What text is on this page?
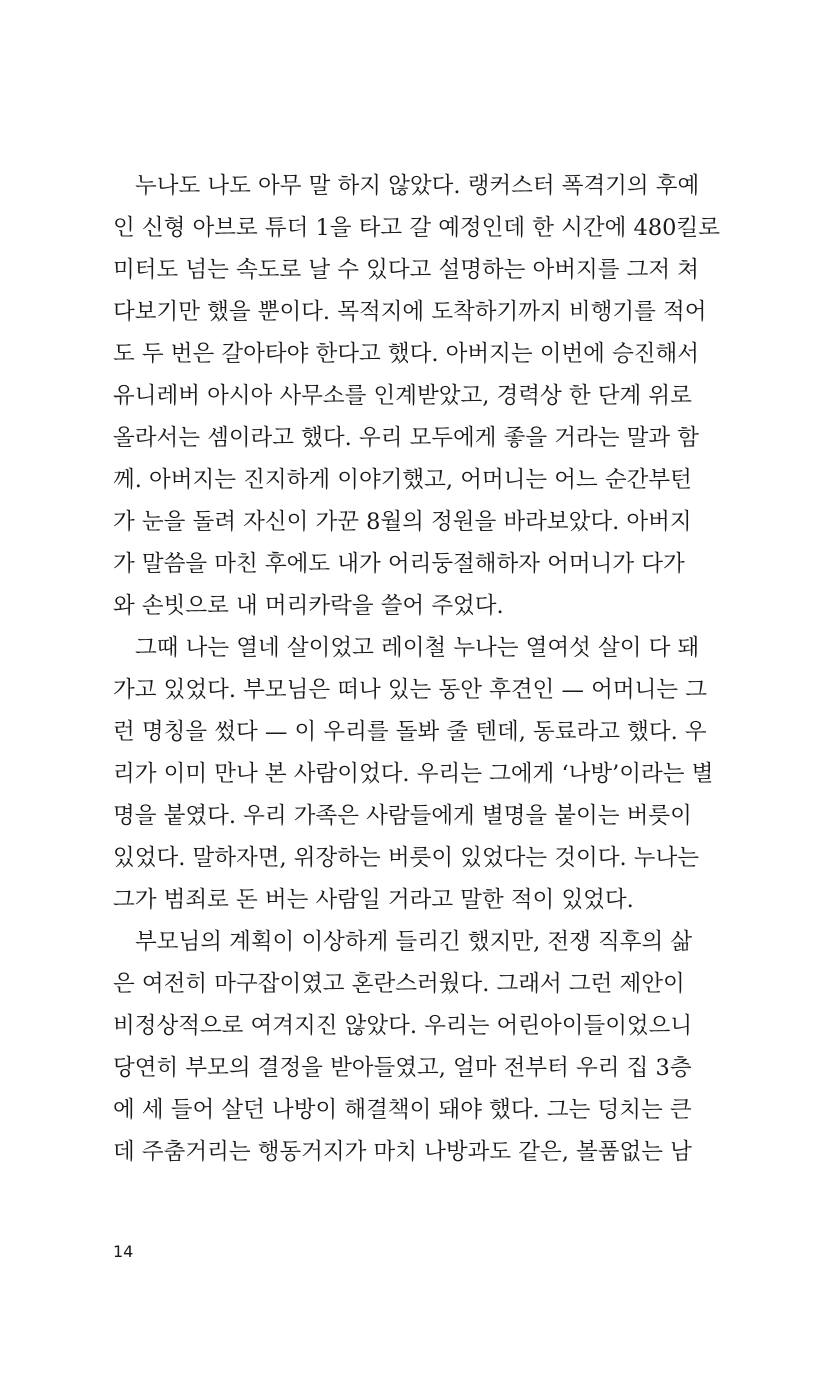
누나도 나도 아무 말 하지 않았다. 랭커스터 폭격기의 후예
인 신형 아브로 튜더 1을 타고 갈 예정인데 한 시간에 480킬로
미터도 넘는 속도로 날 수 있다고 설명하는 아버지를 그저 쳐
다보기만 했을 뿐이다. 목적지에 도착하기까지 비행기를 적어
도 두 번은 갈아타야 한다고 했다. 아버지는 이번에 승진해서
유니레버 아시아 사무소를 인계받았고, 경력상 한 단계 위로
올라서는 셈이라고 했다. 우리 모두에게 좋을 거라는 말과 함
께. 아버지는 진지하게 이야기했고, 어머니는 어느 순간부턴
가 눈을 돌려 자신이 가꾼 8월의 정원을 바라보았다. 아버지
가 말씀을 마친 후에도 내가 어리둥절해하자 어머니가 다가
와 손빗으로 내 머리카락을 쓸어 주었다.
그때 나는 열네 살이었고 레이철 누나는 열여섯 살이 다 돼
가고 있었다. 부모님은 떠나 있는 동안 후견인 — 어머니는 그
런 명칭을 썼다 — 이 우리를 돌봐 줄 텐데, 동료라고 했다. 우
리가 이미 만나 본 사람이었다. 우리는 그에게 ‘나방’이라는 별
명을 붙였다. 우리 가족은 사람들에게 별명을 붙이는 버릇이
있었다. 말하자면, 위장하는 버릇이 있었다는 것이다. 누나는
그가 범죄로 돈 버는 사람일 거라고 말한 적이 있었다.
부모님의 계획이 이상하게 들리긴 했지만, 전쟁 직후의 삶
은 여전히 마구잡이였고 혼란스러웠다. 그래서 그런 제안이
비정상적으로 여겨지진 않았다. 우리는 어린아이들이었으니
당연히 부모의 결정을 받아들였고, 얼마 전부터 우리 집 3층
에 세 들어 살던 나방이 해결책이 돼야 했다. 그는 덩치는 큰
데 주춤거리는 행동거지가 마치 나방과도 같은, 볼품없는 남
14
